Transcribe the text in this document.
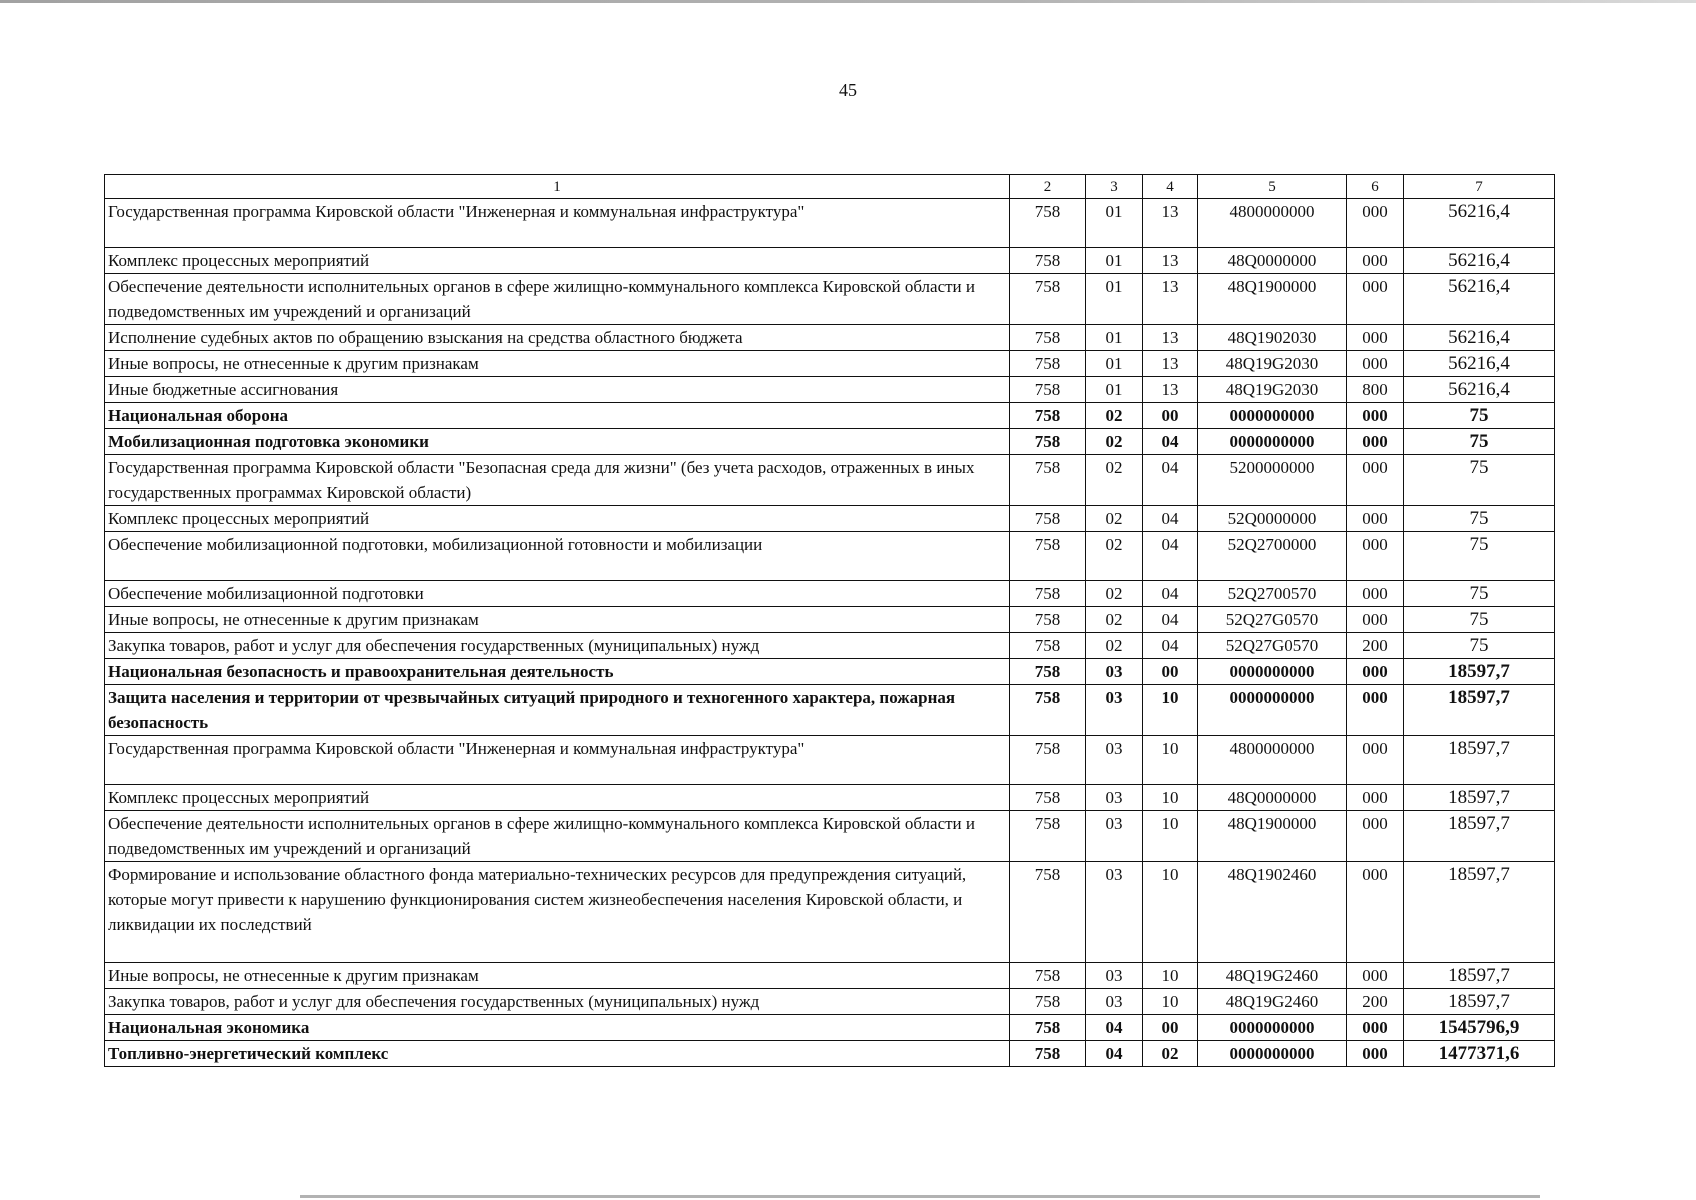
45
1	2	3	4	5	6	7
Государственная программа Кировской области "Инженерная и коммунальная инфраструктура"	758	01	13	4800000000	000	56216,4
Комплекс процессных мероприятий	758	01	13	48Q0000000	000	56216,4
Обеспечение деятельности исполнительных органов в сфере жилищно-коммунального комплекса Кировской области и подведомственных им учреждений и организаций	758	01	13	48Q1900000	000	56216,4
Исполнение судебных актов по обращению взыскания на средства областного бюджета	758	01	13	48Q1902030	000	56216,4
Иные вопросы, не отнесенные к другим признакам	758	01	13	48Q19G2030	000	56216,4
Иные бюджетные ассигнования	758	01	13	48Q19G2030	800	56216,4
Национальная оборона	758	02	00	0000000000	000	75
Мобилизационная подготовка экономики	758	02	04	0000000000	000	75
Государственная программа Кировской области "Безопасная среда для жизни" (без учета расходов, отраженных в иных государственных программах Кировской области)	758	02	04	5200000000	000	75
Комплекс процессных мероприятий	758	02	04	52Q0000000	000	75
Обеспечение мобилизационной подготовки, мобилизационной готовности и мобилизации	758	02	04	52Q2700000	000	75
Обеспечение мобилизационной подготовки	758	02	04	52Q2700570	000	75
Иные вопросы, не отнесенные к другим признакам	758	02	04	52Q27G0570	000	75
Закупка товаров, работ и услуг для обеспечения государственных (муниципальных) нужд	758	02	04	52Q27G0570	200	75
Национальная безопасность и правоохранительная деятельность	758	03	00	0000000000	000	18597,7
Защита населения и территории от чрезвычайных ситуаций природного и техногенного характера, пожарная безопасность	758	03	10	0000000000	000	18597,7
Государственная программа Кировской области "Инженерная и коммунальная инфраструктура"	758	03	10	4800000000	000	18597,7
Комплекс процессных мероприятий	758	03	10	48Q0000000	000	18597,7
Обеспечение деятельности исполнительных органов в сфере жилищно-коммунального комплекса Кировской области и подведомственных им учреждений и организаций	758	03	10	48Q1900000	000	18597,7
Формирование и использование областного фонда материально-технических ресурсов для предупреждения ситуаций, которые могут привести к нарушению функционирования систем жизнеобеспечения населения Кировской области, и ликвидации их последствий	758	03	10	48Q1902460	000	18597,7
Иные вопросы, не отнесенные к другим признакам	758	03	10	48Q19G2460	000	18597,7
Закупка товаров, работ и услуг для обеспечения государственных (муниципальных) нужд	758	03	10	48Q19G2460	200	18597,7
Национальная экономика	758	04	00	0000000000	000	1545796,9
Топливно-энергетический комплекс	758	04	02	0000000000	000	1477371,6
